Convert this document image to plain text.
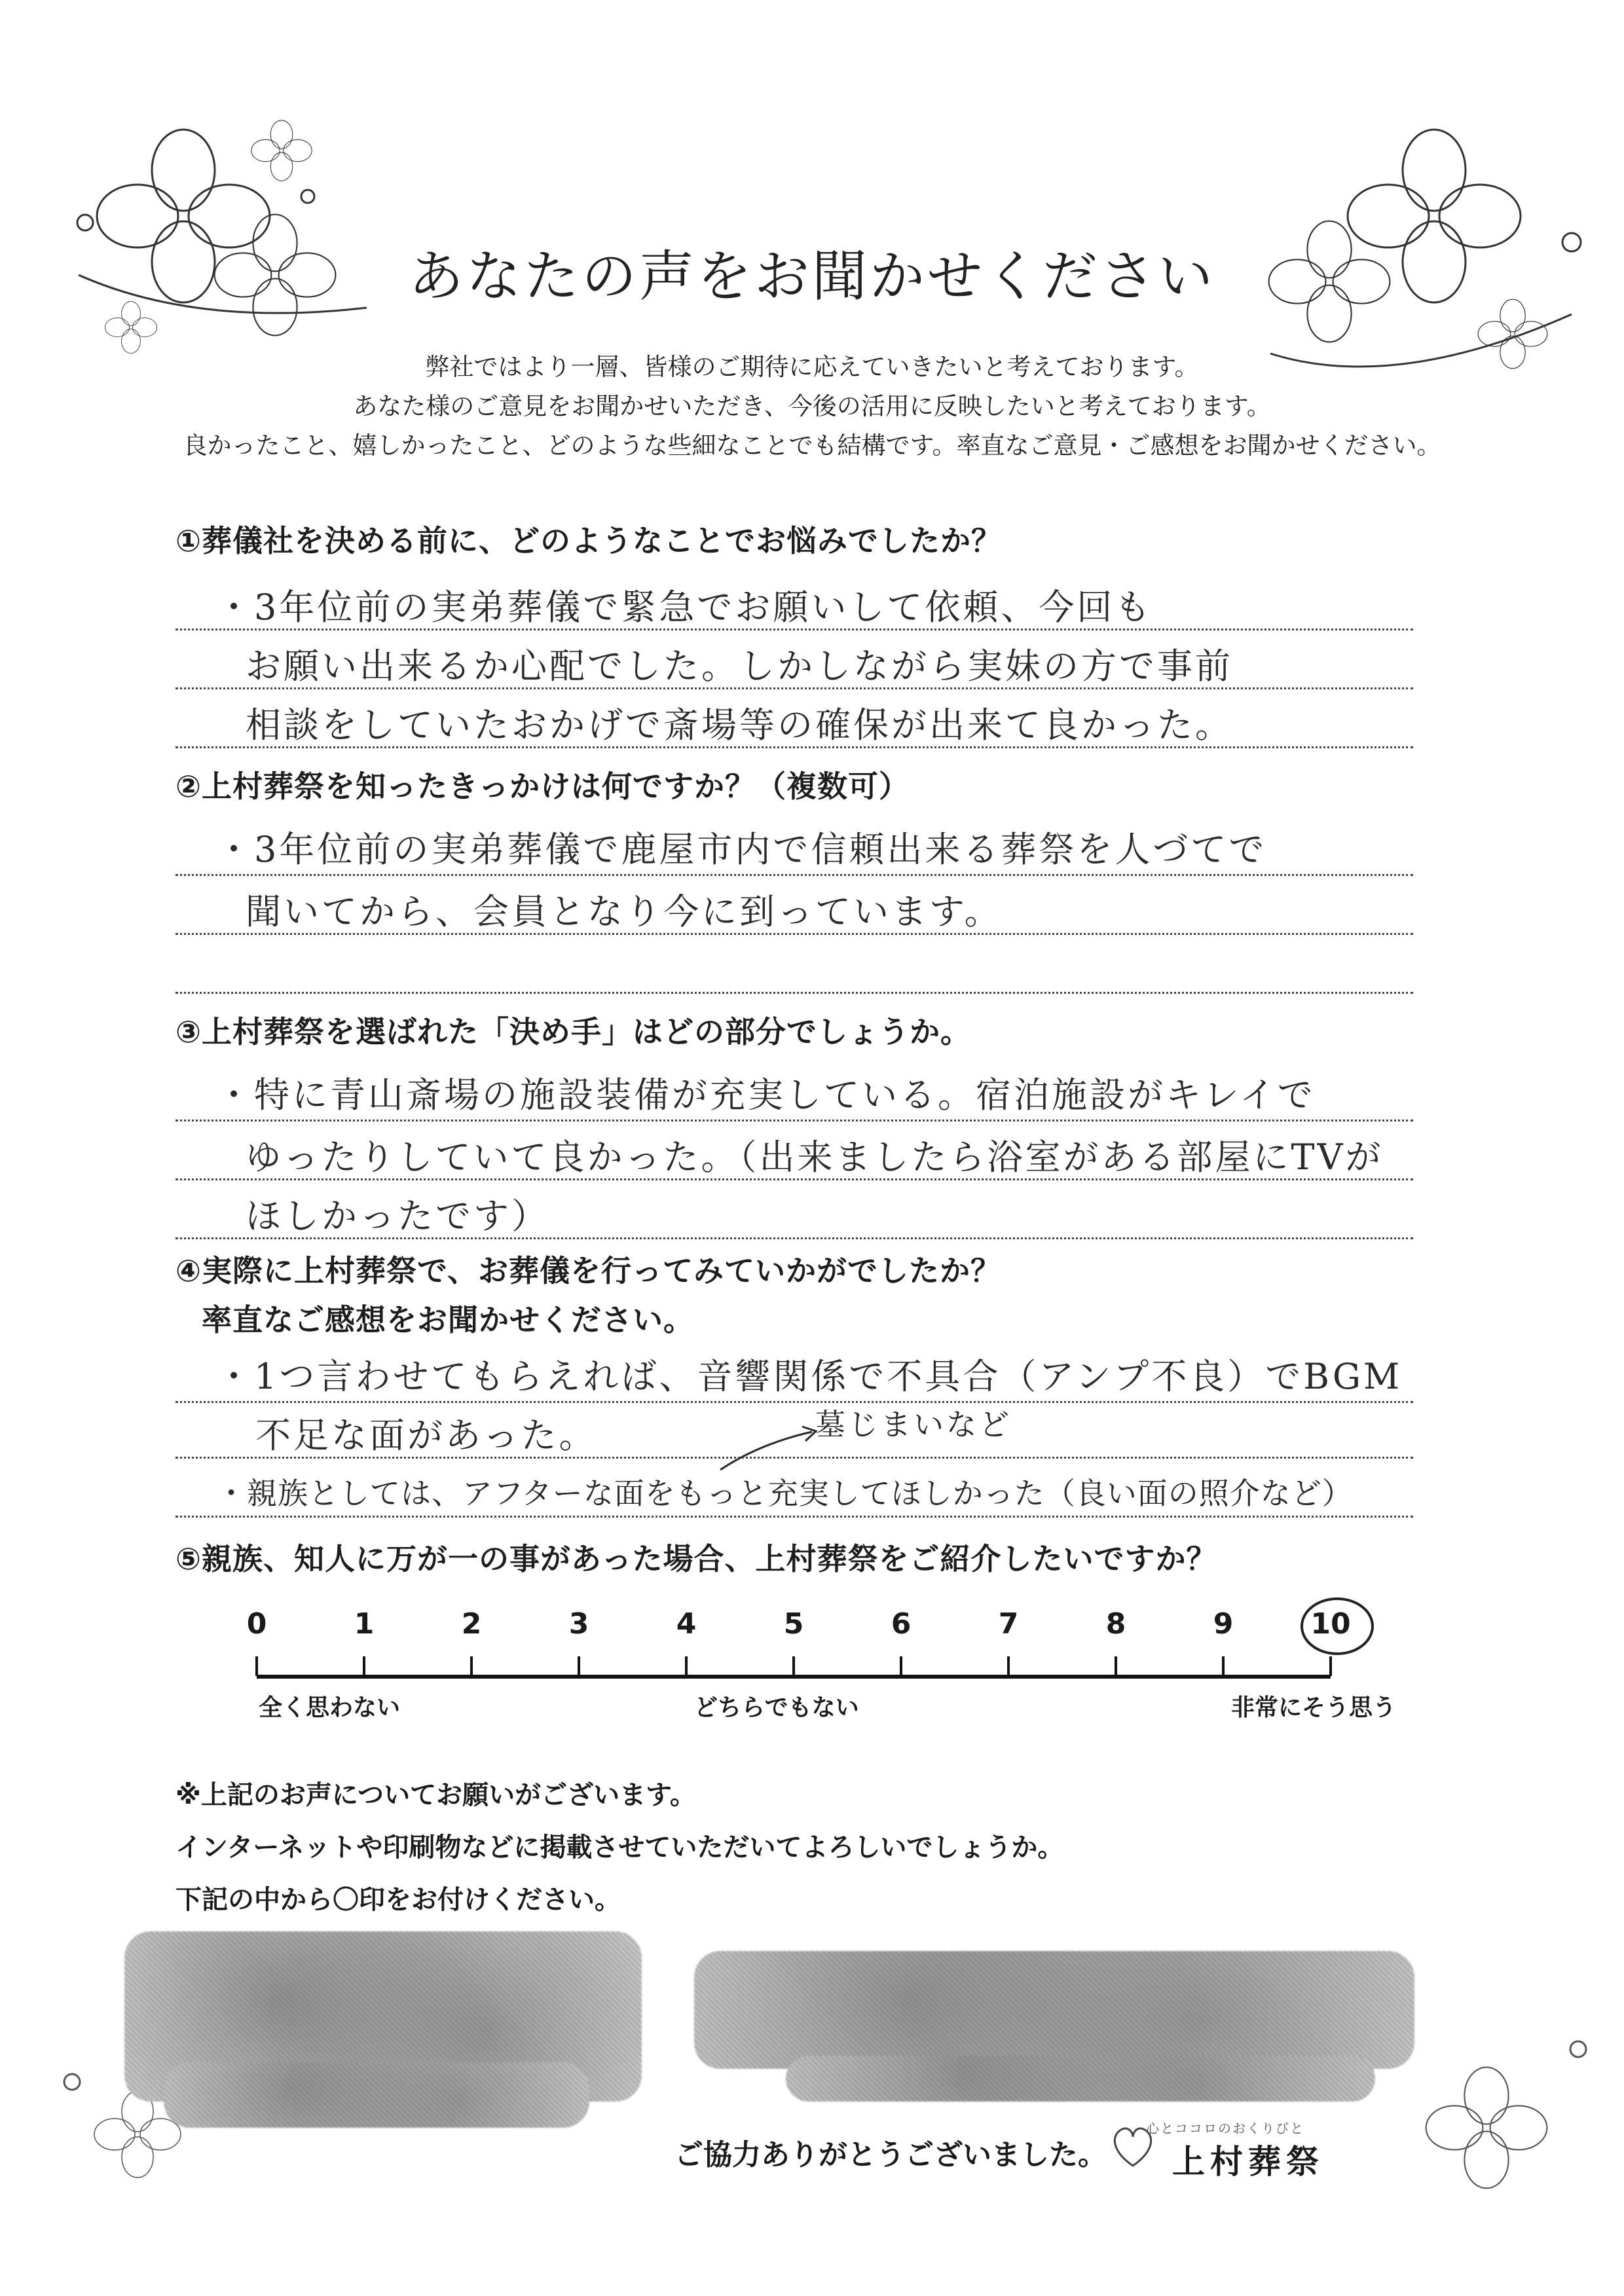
あなたの声をお聞かせください
弊社ではより一層、皆様のご期待に応えていきたいと考えております。
あなた様のご意見をお聞かせいただき、今後の活用に反映したいと考えております。
良かったこと、嬉しかったこと、どのような些細なことでも結構です。率直なご意見・ご感想をお聞かせください。
①葬儀社を決める前に、どのようなことでお悩みでしたか？
・3年位前の実弟葬儀で緊急でお願いして依頼、今回も
お願い出来るか心配でした。しかしながら実妹の方で事前
相談をしていたおかげで斎場等の確保が出来て良かった。
②上村葬祭を知ったきっかけは何ですか？（複数可）
・3年位前の実弟葬儀で鹿屋市内で信頼出来る葬祭を人づてで
聞いてから、会員となり今に到っています。
③上村葬祭を選ばれた「決め手」はどの部分でしょうか。
・特に青山斎場の施設装備が充実している。宿泊施設がキレイで
ゆったりしていて良かった。（出来ましたら浴室がある部屋にTVが
ほしかったです）
④実際に上村葬祭で、お葬儀を行ってみていかがでしたか？
率直なご感想をお聞かせください。
・1つ言わせてもらえれば、音響関係で不具合（アンプ不良）でBGM
不足な面があった。	墓じまいなど
・親族としては、アフターな面をもっと充実してほしかった（良い面の照介など）
⑤親族、知人に万が一の事があった場合、上村葬祭をご紹介したいですか？
0	1	2	3	4	5	6	7	8	9	10
全く思わない	どちらでもない	非常にそう思う
※上記のお声についてお願いがございます。
インターネットや印刷物などに掲載させていただいてよろしいでしょうか。
下記の中から〇印をお付けください。
ご協力ありがとうございました。
心とココロのおくりびと
上村葬祭
